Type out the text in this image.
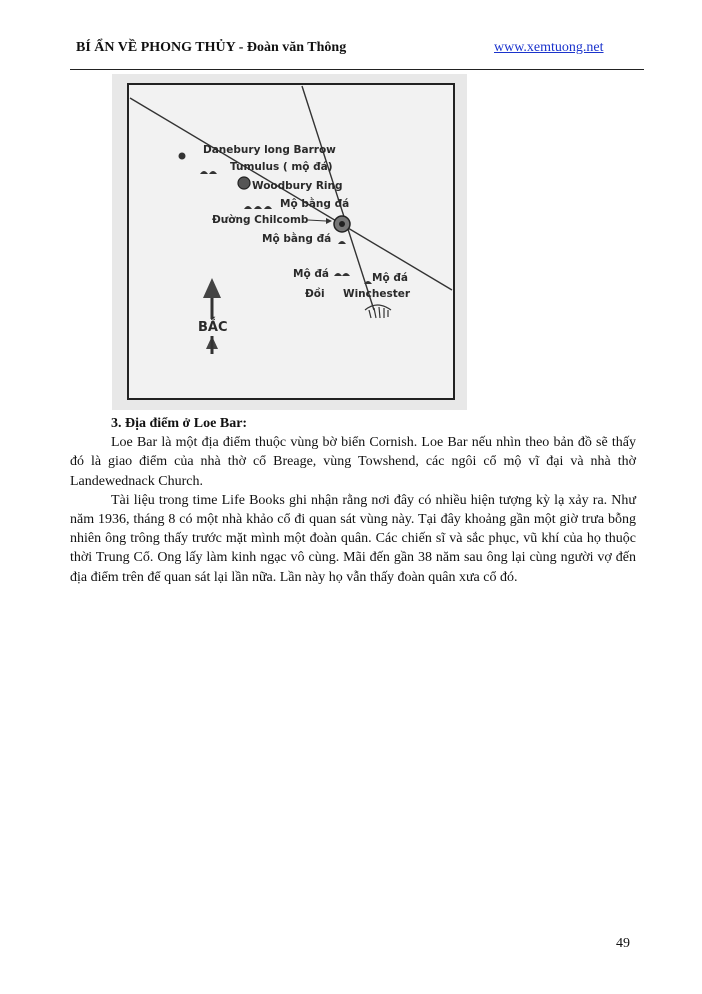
BÍ ẨN VỀ PHONG THỦY - Đoàn văn Thông	www.xemtuong.net
Danebury long Barrow
Tumulus ( mộ đá)
Woodbury Ring
Mộ bằng đá
Đường Chilcomb
Mộ bằng đá
Mộ đá	Mộ đá
Đồi Winchester
BẮC
3. Địa điểm ở Loe Bar:

Loe Bar là một địa điểm thuộc vùng bờ biển Cornish. Loe Bar nếu nhìn theo bản đồ sẽ thấy đó là giao điểm của nhà thờ cổ Breage, vùng Towshend, các ngôi cổ mộ vĩ đại và nhà thờ Landewednack Church.

Tài liệu trong time Life Books ghi nhận rằng nơi đây có nhiều hiện tượng kỳ lạ xảy ra. Như năm 1936, tháng 8 có một nhà khảo cổ đi quan sát vùng này. Tại đây khoảng gần một giờ trưa bỗng nhiên ông trông thấy trước mặt mình một đoàn quân. Các chiến sĩ và sắc phục, vũ khí của họ thuộc thời Trung Cổ. Ong lấy làm kinh ngạc vô cùng. Mãi đến gần 38 năm sau ông lại cùng người vợ đến địa điểm trên để quan sát lại lần nữa. Lần này họ vẫn thấy đoàn quân xưa cổ đó.

49
